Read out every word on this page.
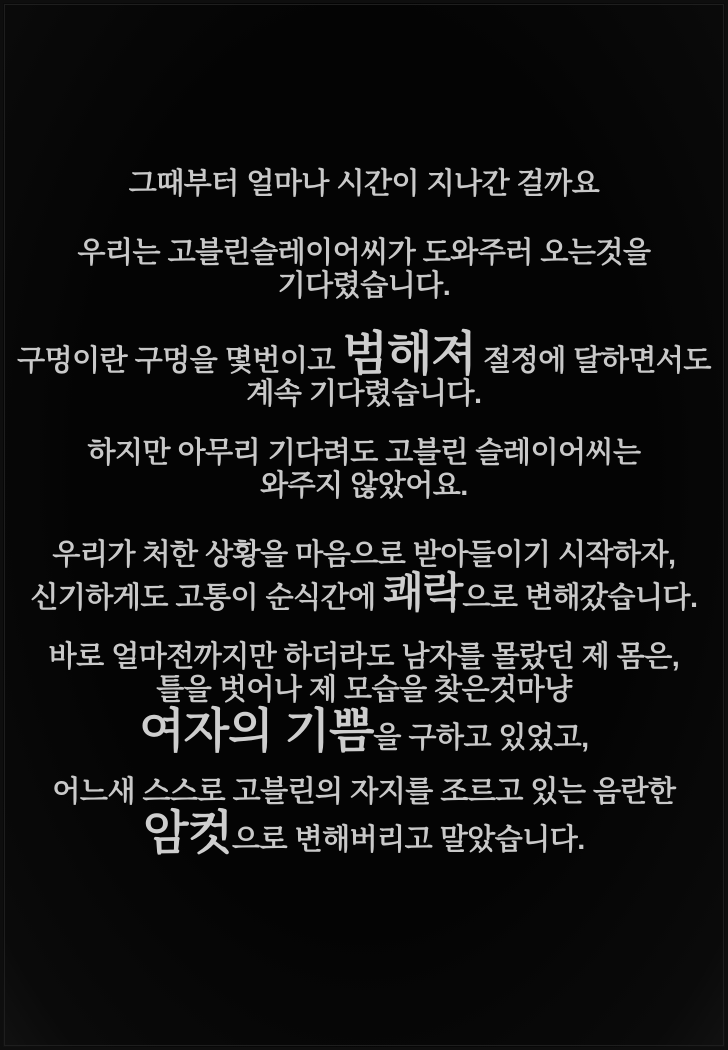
그때부터 얼마나 시간이 지나간 걸까요
우리는 고블린슬레이어씨가 도와주러 오는것을
기다렸습니다.
구멍이란 구멍을 몇번이고 범해져 절정에 달하면서도
계속 기다렸습니다.
하지만 아무리 기다려도 고블린 슬레이어씨는
와주지 않았어요.
우리가 처한 상황을 마음으로 받아들이기 시작하자,
신기하게도 고통이 순식간에 쾌락으로 변해갔습니다.
바로 얼마전까지만 하더라도 남자를 몰랐던 제 몸은,
틀을 벗어나 제 모습을 찾은것마냥
여자의 기쁨을 구하고 있었고,
어느새 스스로 고블린의 자지를 조르고 있는 음란한
암컷으로 변해버리고 말았습니다.
